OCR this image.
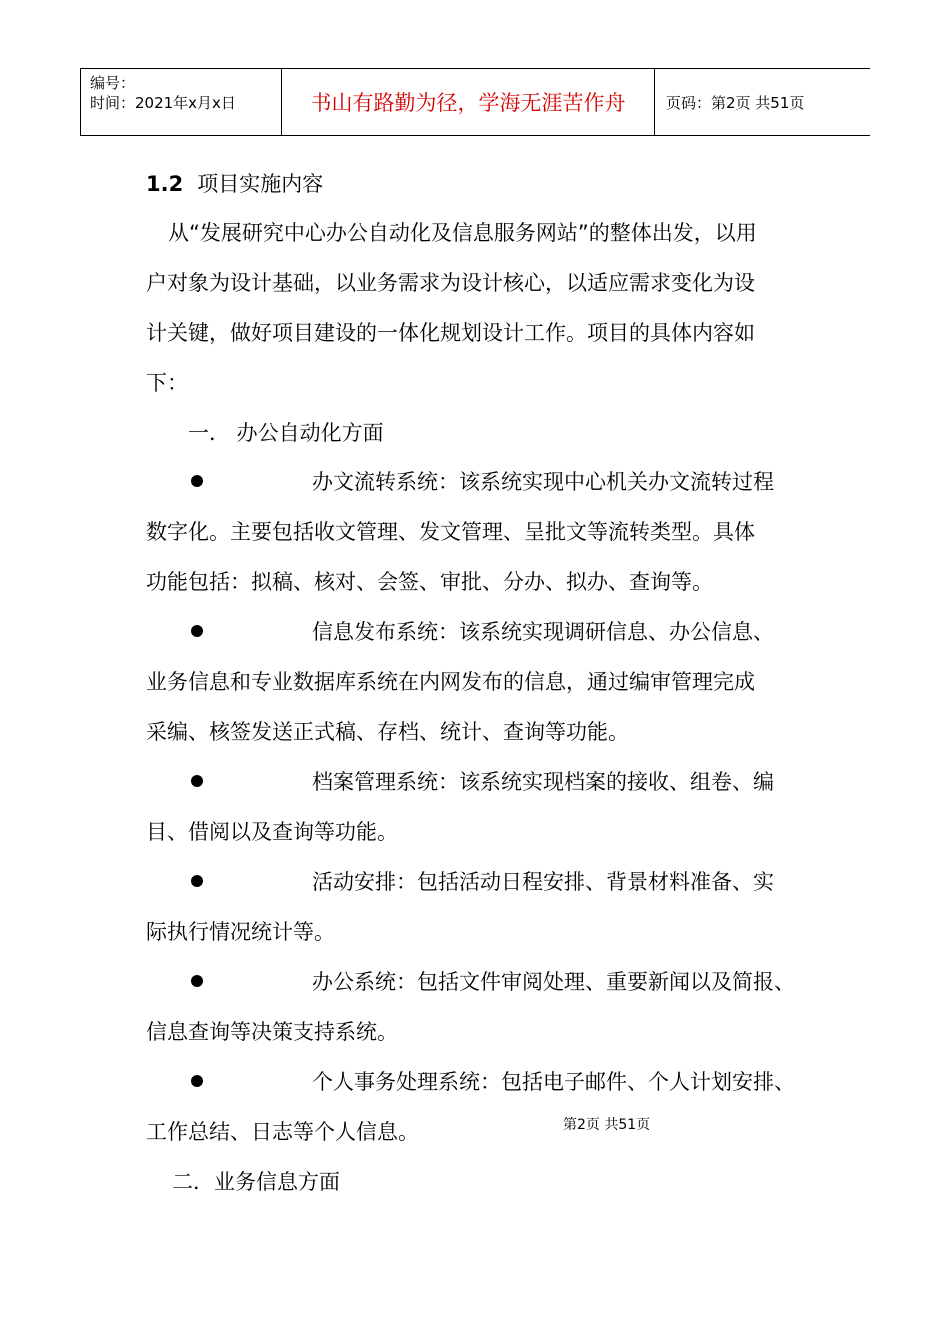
编号：
时间：2021年x月x日	书山有路勤为径，学海无涯苦作舟	页码：第2页 共51页
1.2 项目实施内容
从“发展研究中心办公自动化及信息服务网站”的整体出发，以用
户对象为设计基础，以业务需求为设计核心，以适应需求变化为设
计关键，做好项目建设的一体化规划设计工作。项目的具体内容如
下：
一． 办公自动化方面
办文流转系统：该系统实现中心机关办文流转过程
数字化。主要包括收文管理、发文管理、呈批文等流转类型。具体
功能包括：拟稿、核对、会签、审批、分办、拟办、查询等。
信息发布系统：该系统实现调研信息、办公信息、
业务信息和专业数据库系统在内网发布的信息，通过编审管理完成
采编、核签发送正式稿、存档、统计、查询等功能。
档案管理系统：该系统实现档案的接收、组卷、编
目、借阅以及查询等功能。
活动安排：包括活动日程安排、背景材料准备、实
际执行情况统计等。
办公系统：包括文件审阅处理、重要新闻以及简报、
信息查询等决策支持系统。
个人事务处理系统：包括电子邮件、个人计划安排、
工作总结、日志等个人信息。	第2页 共51页
二．业务信息方面
